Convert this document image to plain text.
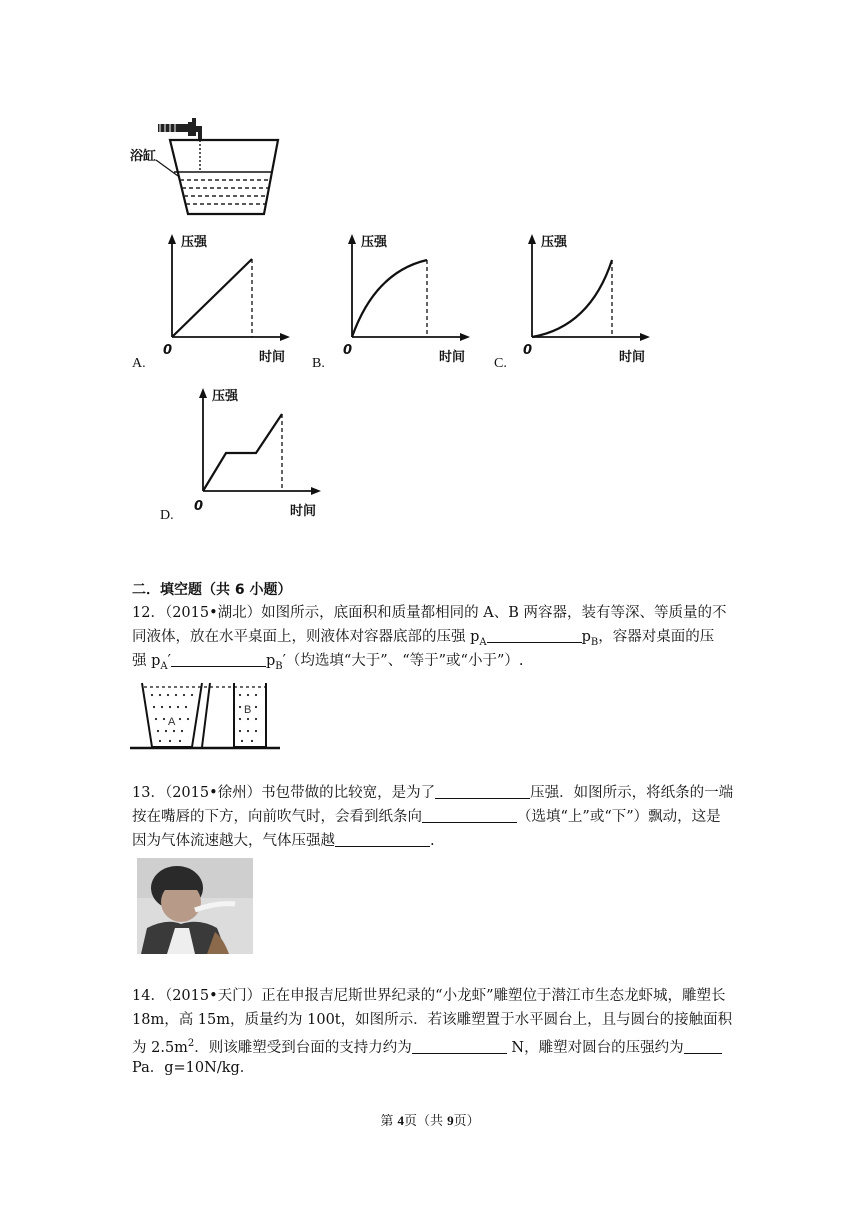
浴缸
A.
压强
0	时间 B.
压强
0	时间 C.
压强
0	时间
D.
压强
0	时间
二．填空题（共 6 小题）
12．（2015•湖北）如图所示，底面积和质量都相同的 A、B 两容器，装有等深、等质量的不
同液体，放在水平桌面上，则液体对容器底部的压强 $p_A$	$p_B$，容器对桌面的压
强 $p_A'$	$p_B'$（均选填“大于”、“等于”或“小于”）.
A
B
13．（2015•徐州）书包带做的比较宽，是为了	压强．如图所示，将纸条的一端
按在嘴唇的下方，向前吹气时，会看到纸条向	（选填“上”或“下”）飘动，这是
因为气体流速越大，气体压强越	.
14．（2015•天门）正在申报吉尼斯世界纪录的“小龙虾”雕塑位于潜江市生态龙虾城，雕塑长
18m，高 15m，质量约为 100t，如图所示．若该雕塑置于水平圆台上，且与圆台的接触面积
为 $2.5m^2$．则该雕塑受到台面的支持力约为	N，雕塑对圆台的压强约为
Pa．g=10N/kg．
第 4页（共 9页）
